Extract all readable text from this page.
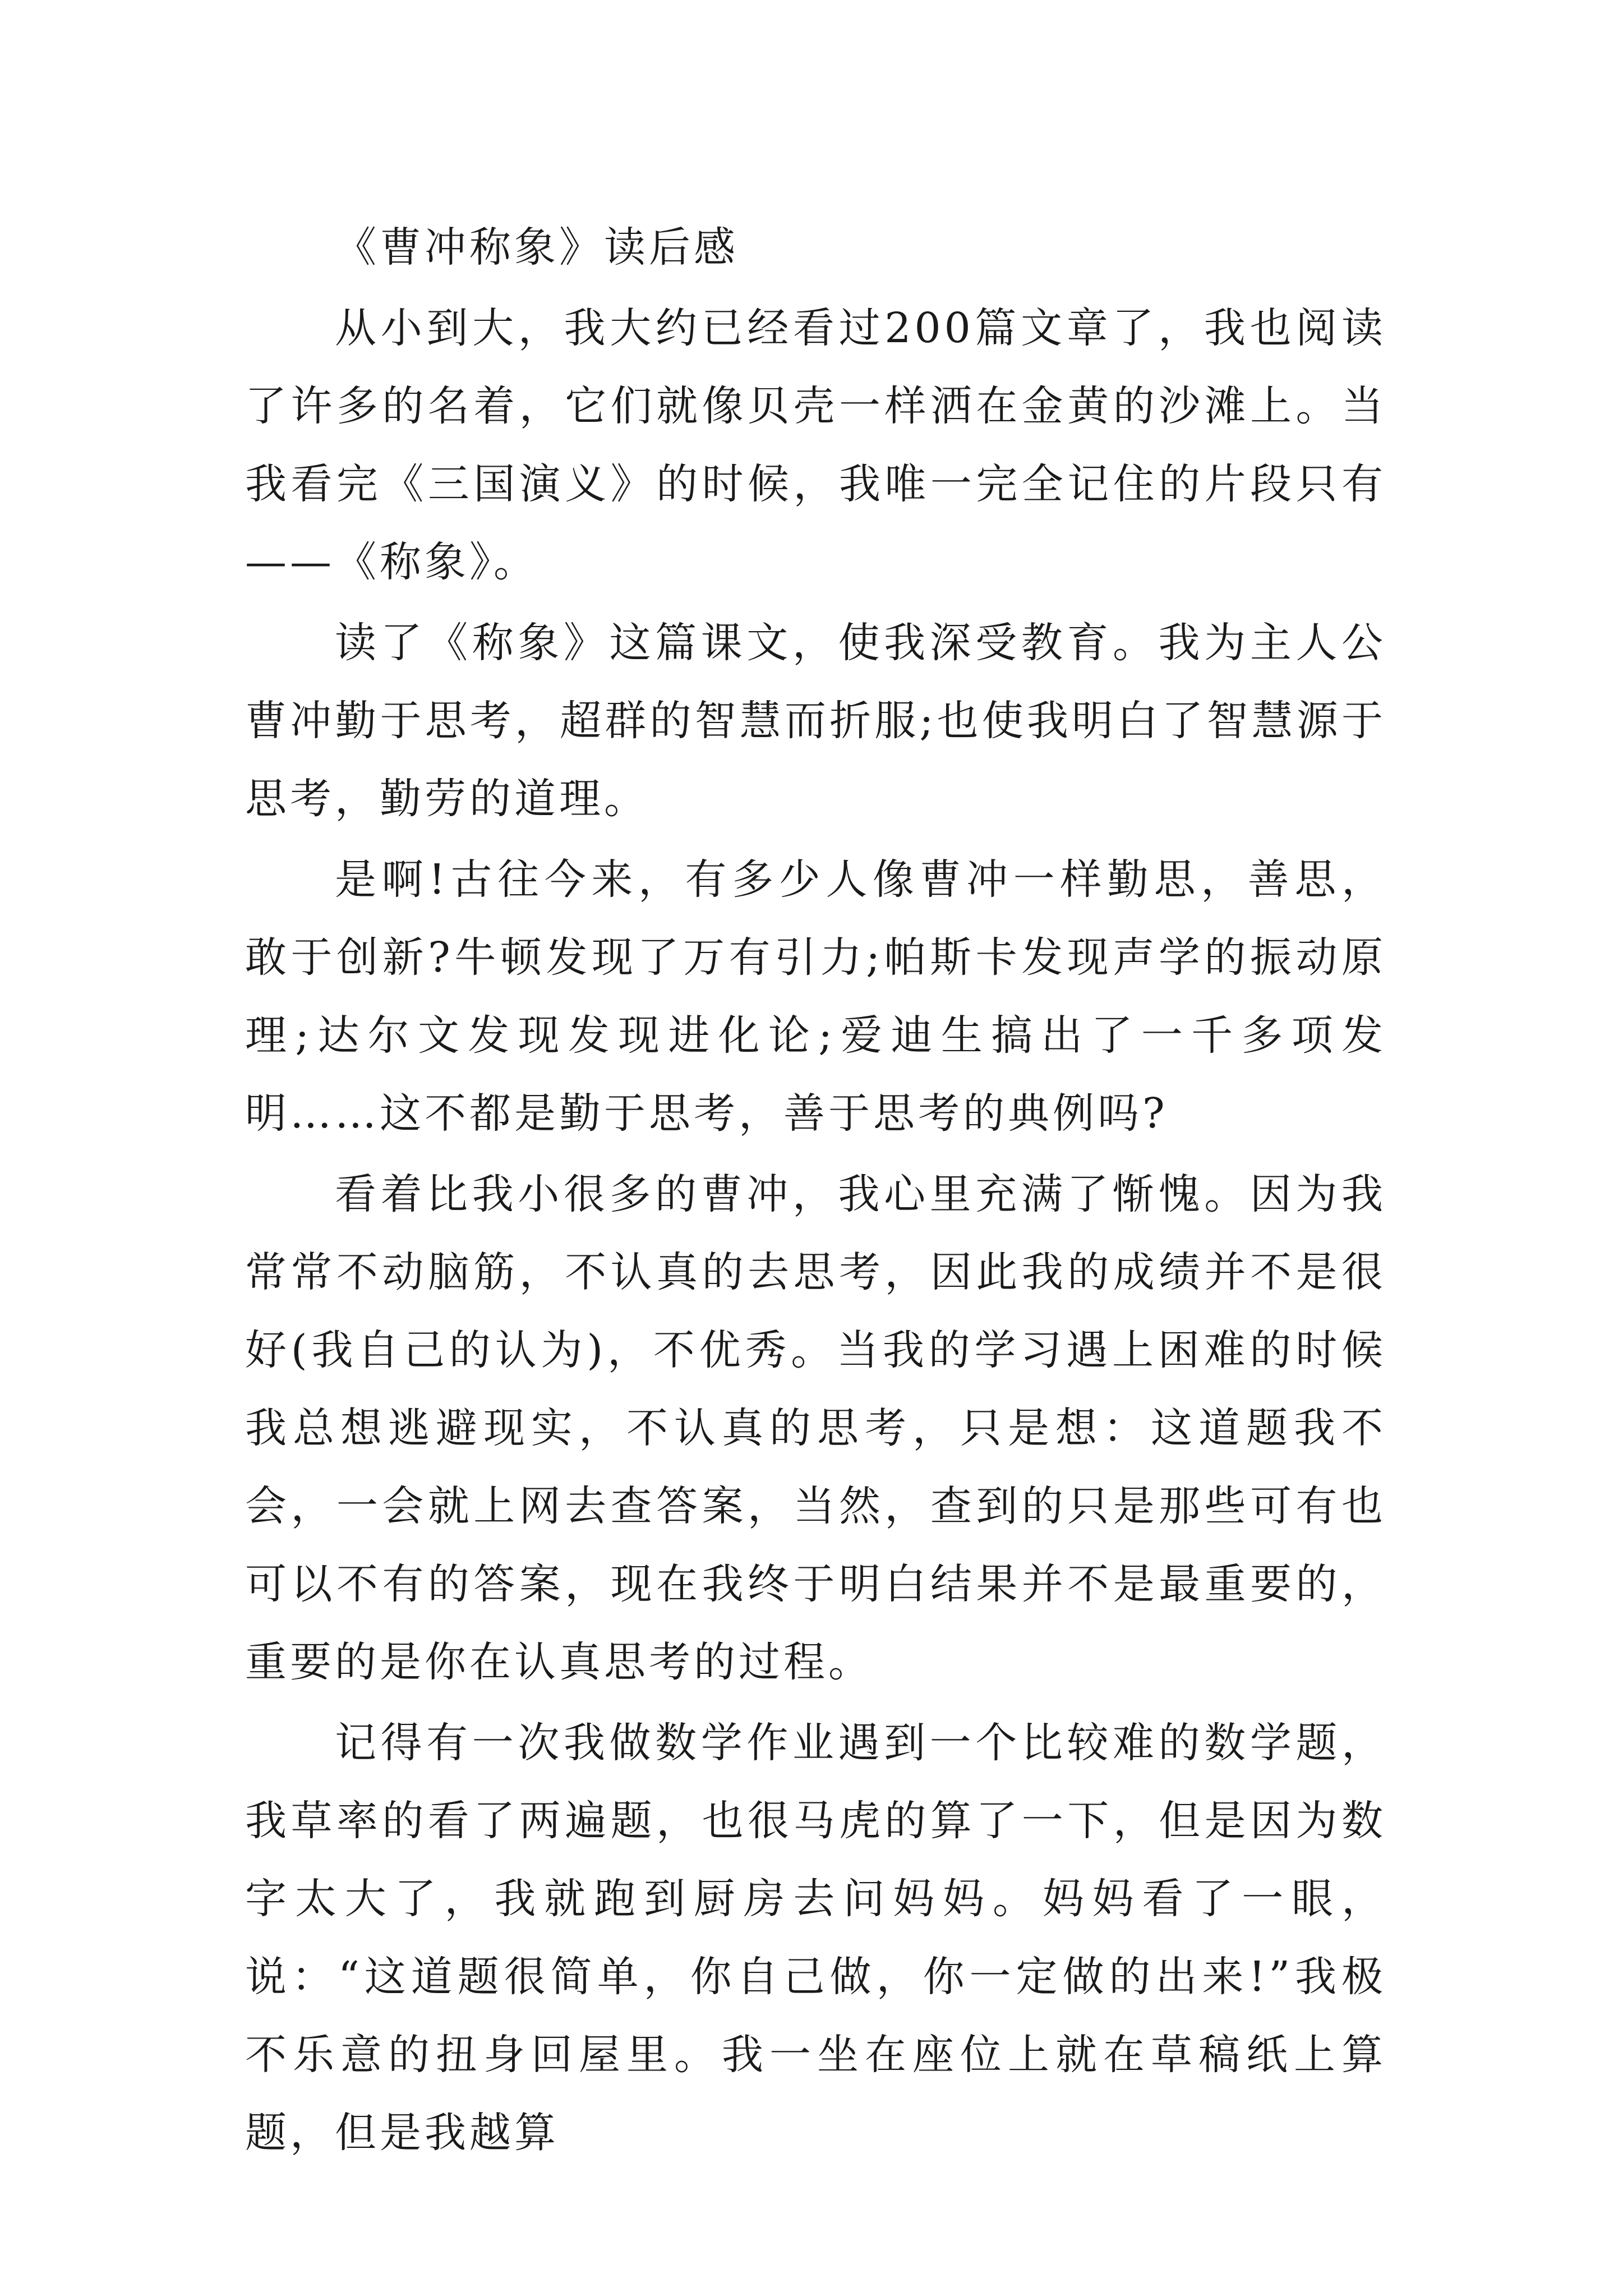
《曹冲称象》读后感

从小到大，我大约已经看过200篇文章了，我也阅读了许多的名着，它们就像贝壳一样洒在金黄的沙滩上。当我看完《三国演义》的时候，我唯一完全记住的片段只有——《称象》。

读了《称象》这篇课文，使我深受教育。我为主人公曹冲勤于思考，超群的智慧而折服;也使我明白了智慧源于思考，勤劳的道理。

是啊!古往今来，有多少人像曹冲一样勤思，善思，敢于创新?牛顿发现了万有引力;帕斯卡发现声学的振动原理;达尔文发现发现进化论;爱迪生搞出了一千多项发明……这不都是勤于思考，善于思考的典例吗?

看着比我小很多的曹冲，我心里充满了惭愧。因为我常常不动脑筋，不认真的去思考，因此我的成绩并不是很好(我自己的认为)，不优秀。当我的学习遇上困难的时候我总想逃避现实，不认真的思考，只是想：这道题我不会，一会就上网去查答案，当然，查到的只是那些可有也可以不有的答案，现在我终于明白结果并不是最重要的，重要的是你在认真思考的过程。

记得有一次我做数学作业遇到一个比较难的数学题，我草率的看了两遍题，也很马虎的算了一下，但是因为数字太大了，我就跑到厨房去问妈妈。妈妈看了一眼，说：“这道题很简单，你自己做，你一定做的出来!”我极不乐意的扭身回屋里。我一坐在座位上就在草稿纸上算题，但是我越算
